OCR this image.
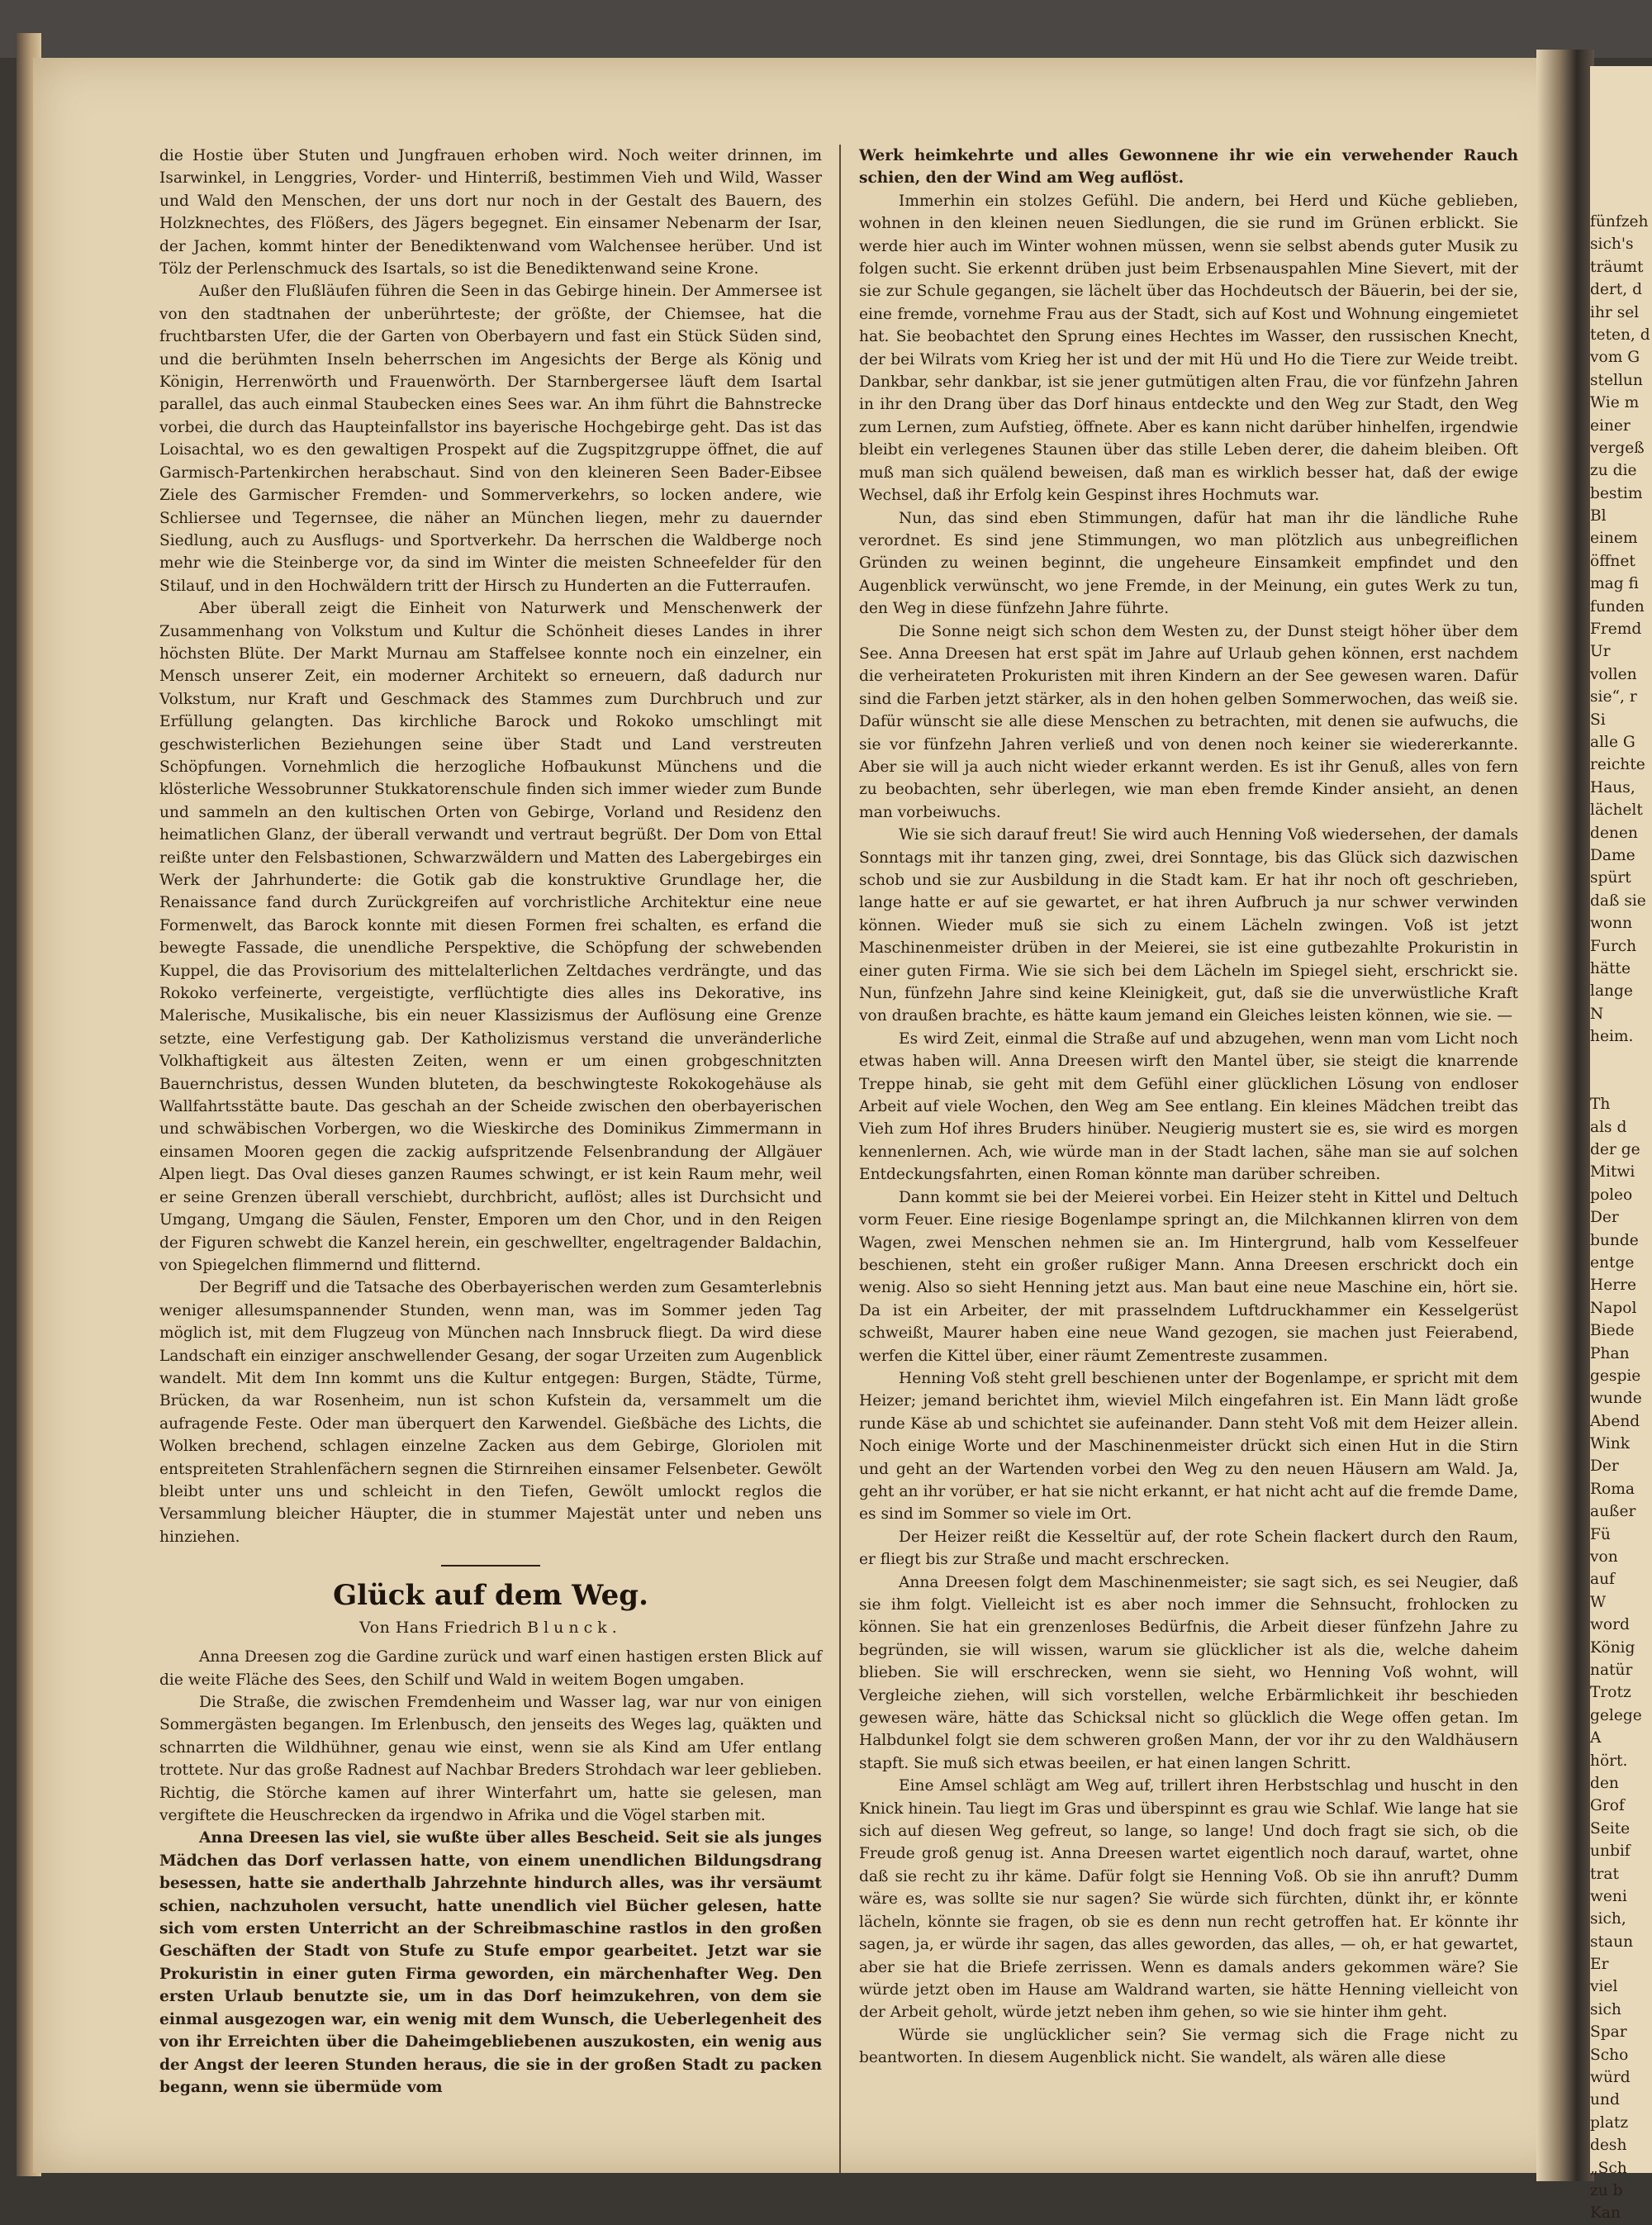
die Hostie über Stuten und Jungfrauen erhoben wird. Noch weiter drinnen, im Isarwinkel, in Lenggries, Vorder- und Hinterriß, bestimmen Vieh und Wild, Wasser und Wald den Menschen, der uns dort nur noch in der Gestalt des Bauern, des Holzknechtes, des Flößers, des Jägers begegnet. Ein einsamer Nebenarm der Isar, der Jachen, kommt hinter der Benediktenwand vom Walchensee herüber. Und ist Tölz der Perlenschmuck des Isartals, so ist die Benediktenwand seine Krone.

Außer den Flußläufen führen die Seen in das Gebirge hinein. Der Ammersee ist von den stadtnahen der unberührteste; der größte, der Chiemsee, hat die fruchtbarsten Ufer, die der Garten von Oberbayern und fast ein Stück Süden sind, und die berühmten Inseln beherrschen im Angesichts der Berge als König und Königin, Herrenwörth und Frauenwörth. Der Starnbergersee läuft dem Isartal parallel, das auch einmal Staubecken eines Sees war. An ihm führt die Bahnstrecke vorbei, die durch das Haupteinfallstor ins bayerische Hochgebirge geht. Das ist das Loisachtal, wo es den gewaltigen Prospekt auf die Zugspitzgruppe öffnet, die auf Garmisch-Partenkirchen herabschaut. Sind von den kleineren Seen Bader-Eibsee Ziele des Garmischer Fremden- und Sommerverkehrs, so locken andere, wie Schliersee und Tegernsee, die näher an München liegen, mehr zu dauernder Siedlung, auch zu Ausflugs- und Sportverkehr. Da herrschen die Waldberge noch mehr wie die Steinberge vor, da sind im Winter die meisten Schneefelder für den Stilauf, und in den Hochwäldern tritt der Hirsch zu Hunderten an die Futterraufen.

Aber überall zeigt die Einheit von Naturwerk und Menschenwerk der Zusammenhang von Volkstum und Kultur die Schönheit dieses Landes in ihrer höchsten Blüte. Der Markt Murnau am Staffelsee konnte noch ein einzelner, ein Mensch unserer Zeit, ein moderner Architekt so erneuern, daß dadurch nur Volkstum, nur Kraft und Geschmack des Stammes zum Durchbruch und zur Erfüllung gelangten. Das kirchliche Barock und Rokoko umschlingt mit geschwisterlichen Beziehungen seine über Stadt und Land verstreuten Schöpfungen. Vornehmlich die herzogliche Hofbaukunst Münchens und die klösterliche Wessobrunner Stukkatorenschule finden sich immer wieder zum Bunde und sammeln an den kultischen Orten von Gebirge, Vorland und Residenz den heimatlichen Glanz, der überall verwandt und vertraut begrüßt. Der Dom von Ettal reißte unter den Felsbastionen, Schwarzwäldern und Matten des Labergebirges ein Werk der Jahrhunderte: die Gotik gab die konstruktive Grundlage her, die Renaissance fand durch Zurückgreifen auf vorchristliche Architektur eine neue Formenwelt, das Barock konnte mit diesen Formen frei schalten, es erfand die bewegte Fassade, die unendliche Perspektive, die Schöpfung der schwebenden Kuppel, die das Provisorium des mittelalterlichen Zeltdaches verdrängte, und das Rokoko verfeinerte, vergeistigte, verflüchtigte dies alles ins Dekorative, ins Malerische, Musikalische, bis ein neuer Klassizismus der Auflösung eine Grenze setzte, eine Verfestigung gab. Der Katholizismus verstand die unveränderliche Volkhaftigkeit aus ältesten Zeiten, wenn er um einen grobgeschnitzten Bauernchristus, dessen Wunden bluteten, da beschwingteste Rokokogehäuse als Wallfahrtsstätte baute. Das geschah an der Scheide zwischen den oberbayerischen und schwäbischen Vorbergen, wo die Wieskirche des Dominikus Zimmermann in einsamen Mooren gegen die zackig aufspritzende Felsenbrandung der Allgäuer Alpen liegt. Das Oval dieses ganzen Raumes schwingt, er ist kein Raum mehr, weil er seine Grenzen überall verschiebt, durchbricht, auflöst; alles ist Durchsicht und Umgang, Umgang die Säulen, Fenster, Emporen um den Chor, und in den Reigen der Figuren schwebt die Kanzel herein, ein geschwellter, engeltragender Baldachin, von Spiegelchen flimmernd und flitternd.

Der Begriff und die Tatsache des Oberbayerischen werden zum Gesamterlebnis weniger allesumspannender Stunden, wenn man, was im Sommer jeden Tag möglich ist, mit dem Flugzeug von München nach Innsbruck fliegt. Da wird diese Landschaft ein einziger anschwellender Gesang, der sogar Urzeiten zum Augenblick wandelt. Mit dem Inn kommt uns die Kultur entgegen: Burgen, Städte, Türme, Brücken, da war Rosenheim, nun ist schon Kufstein da, versammelt um die aufragende Feste. Oder man überquert den Karwendel. Gießbäche des Lichts, die Wolken brechend, schlagen einzelne Zacken aus dem Gebirge, Gloriolen mit entspreiteten Strahlenfächern segnen die Stirnreihen einsamer Felsenbeter. Gewölt bleibt unter uns und schleicht in den Tiefen, Gewölt umlockt reglos die Versammlung bleicher Häupter, die in stummer Majestät unter und neben uns hinziehen.

Glück auf dem Weg.
Von Hans Friedrich Blunck.

Anna Dreesen zog die Gardine zurück und warf einen hastigen ersten Blick auf die weite Fläche des Sees, den Schilf und Wald in weitem Bogen umgaben.

Die Straße, die zwischen Fremdenheim und Wasser lag, war nur von einigen Sommergästen begangen. Im Erlenbusch, den jenseits des Weges lag, quäkten und schnarrten die Wildhühner, genau wie einst, wenn sie als Kind am Ufer entlang trottete. Nur das große Radnest auf Nachbar Breders Strohdach war leer geblieben. Richtig, die Störche kamen auf ihrer Winterfahrt um, hatte sie gelesen, man vergiftete die Heuschrecken da irgendwo in Afrika und die Vögel starben mit.

Anna Dreesen las viel, sie wußte über alles Bescheid. Seit sie als junges Mädchen das Dorf verlassen hatte, von einem unendlichen Bildungsdrang besessen, hatte sie anderthalb Jahrzehnte hindurch alles, was ihr versäumt schien, nachzuholen versucht, hatte unendlich viel Bücher gelesen, hatte sich vom ersten Unterricht an der Schreibmaschine rastlos in den großen Geschäften der Stadt von Stufe zu Stufe empor gearbeitet. Jetzt war sie Prokuristin in einer guten Firma geworden, ein märchenhafter Weg. Den ersten Urlaub benutzte sie, um in das Dorf heimzukehren, von dem sie einmal ausgezogen war, ein wenig mit dem Wunsch, die Ueberlegenheit des von ihr Erreichten über die Daheimgebliebenen auszukosten, ein wenig aus der Angst der leeren Stunden heraus, die sie in der großen Stadt zu packen begann, wenn sie übermüde vom

Werk heimkehrte und alles Gewonnene ihr wie ein verwehender Rauch schien, den der Wind am Weg auflöst.

Immerhin ein stolzes Gefühl. Die andern, bei Herd und Küche geblieben, wohnen in den kleinen neuen Siedlungen, die sie rund im Grünen erblickt. Sie werde hier auch im Winter wohnen müssen, wenn sie selbst abends guter Musik zu folgen sucht. Sie erkennt drüben just beim Erbsenauspahlen Mine Sievert, mit der sie zur Schule gegangen, sie lächelt über das Hochdeutsch der Bäuerin, bei der sie, eine fremde, vornehme Frau aus der Stadt, sich auf Kost und Wohnung eingemietet hat. Sie beobachtet den Sprung eines Hechtes im Wasser, den russischen Knecht, der bei Wilrats vom Krieg her ist und der mit Hü und Ho die Tiere zur Weide treibt. Dankbar, sehr dankbar, ist sie jener gutmütigen alten Frau, die vor fünfzehn Jahren in ihr den Drang über das Dorf hinaus entdeckte und den Weg zur Stadt, den Weg zum Lernen, zum Aufstieg, öffnete. Aber es kann nicht darüber hinhelfen, irgendwie bleibt ein verlegenes Staunen über das stille Leben derer, die daheim bleiben. Oft muß man sich quälend beweisen, daß man es wirklich besser hat, daß der ewige Wechsel, daß ihr Erfolg kein Gespinst ihres Hochmuts war.

Nun, das sind eben Stimmungen, dafür hat man ihr die ländliche Ruhe verordnet. Es sind jene Stimmungen, wo man plötzlich aus unbegreiflichen Gründen zu weinen beginnt, die ungeheure Einsamkeit empfindet und den Augenblick verwünscht, wo jene Fremde, in der Meinung, ein gutes Werk zu tun, den Weg in diese fünfzehn Jahre führte.

Die Sonne neigt sich schon dem Westen zu, der Dunst steigt höher über dem See. Anna Dreesen hat erst spät im Jahre auf Urlaub gehen können, erst nachdem die verheirateten Prokuristen mit ihren Kindern an der See gewesen waren. Dafür sind die Farben jetzt stärker, als in den hohen gelben Sommerwochen, das weiß sie. Dafür wünscht sie alle diese Menschen zu betrachten, mit denen sie aufwuchs, die sie vor fünfzehn Jahren verließ und von denen noch keiner sie wiedererkannte. Aber sie will ja auch nicht wieder erkannt werden. Es ist ihr Genuß, alles von fern zu beobachten, sehr überlegen, wie man eben fremde Kinder ansieht, an denen man vorbeiwuchs.

Wie sie sich darauf freut! Sie wird auch Henning Voß wiedersehen, der damals Sonntags mit ihr tanzen ging, zwei, drei Sonntage, bis das Glück sich dazwischen schob und sie zur Ausbildung in die Stadt kam. Er hat ihr noch oft geschrieben, lange hatte er auf sie gewartet, er hat ihren Aufbruch ja nur schwer verwinden können. Wieder muß sie sich zu einem Lächeln zwingen. Voß ist jetzt Maschinenmeister drüben in der Meierei, sie ist eine gutbezahlte Prokuristin in einer guten Firma. Wie sie sich bei dem Lächeln im Spiegel sieht, erschrickt sie. Nun, fünfzehn Jahre sind keine Kleinigkeit, gut, daß sie die unverwüstliche Kraft von draußen brachte, es hätte kaum jemand ein Gleiches leisten können, wie sie. —

Es wird Zeit, einmal die Straße auf und abzugehen, wenn man vom Licht noch etwas haben will. Anna Dreesen wirft den Mantel über, sie steigt die knarrende Treppe hinab, sie geht mit dem Gefühl einer glücklichen Lösung von endloser Arbeit auf viele Wochen, den Weg am See entlang. Ein kleines Mädchen treibt das Vieh zum Hof ihres Bruders hinüber. Neugierig mustert sie es, sie wird es morgen kennenlernen. Ach, wie würde man in der Stadt lachen, sähe man sie auf solchen Entdeckungsfahrten, einen Roman könnte man darüber schreiben.

Dann kommt sie bei der Meierei vorbei. Ein Heizer steht in Kittel und Deltuch vorm Feuer. Eine riesige Bogenlampe springt an, die Milchkannen klirren von dem Wagen, zwei Menschen nehmen sie an. Im Hintergrund, halb vom Kesselfeuer beschienen, steht ein großer rußiger Mann. Anna Dreesen erschrickt doch ein wenig. Also so sieht Henning jetzt aus. Man baut eine neue Maschine ein, hört sie. Da ist ein Arbeiter, der mit prasselndem Luftdruckhammer ein Kesselgerüst schweißt, Maurer haben eine neue Wand gezogen, sie machen just Feierabend, werfen die Kittel über, einer räumt Zementreste zusammen.

Henning Voß steht grell beschienen unter der Bogenlampe, er spricht mit dem Heizer; jemand berichtet ihm, wieviel Milch eingefahren ist. Ein Mann lädt große runde Käse ab und schichtet sie aufeinander. Dann steht Voß mit dem Heizer allein. Noch einige Worte und der Maschinenmeister drückt sich einen Hut in die Stirn und geht an der Wartenden vorbei den Weg zu den neuen Häusern am Wald. Ja, geht an ihr vorüber, er hat sie nicht erkannt, er hat nicht acht auf die fremde Dame, es sind im Sommer so viele im Ort.

Der Heizer reißt die Kesseltür auf, der rote Schein flackert durch den Raum, er fliegt bis zur Straße und macht erschrecken.

Anna Dreesen folgt dem Maschinenmeister; sie sagt sich, es sei Neugier, daß sie ihm folgt. Vielleicht ist es aber noch immer die Sehnsucht, frohlocken zu können. Sie hat ein grenzenloses Bedürfnis, die Arbeit dieser fünfzehn Jahre zu begründen, sie will wissen, warum sie glücklicher ist als die, welche daheim blieben. Sie will erschrecken, wenn sie sieht, wo Henning Voß wohnt, will Vergleiche ziehen, will sich vorstellen, welche Erbärmlichkeit ihr beschieden gewesen wäre, hätte das Schicksal nicht so glücklich die Wege offen getan. Im Halbdunkel folgt sie dem schweren großen Mann, der vor ihr zu den Waldhäusern stapft. Sie muß sich etwas beeilen, er hat einen langen Schritt.

Eine Amsel schlägt am Weg auf, trillert ihren Herbstschlag und huscht in den Knick hinein. Tau liegt im Gras und überspinnt es grau wie Schlaf. Wie lange hat sie sich auf diesen Weg gefreut, so lange, so lange! Und doch fragt sie sich, ob die Freude groß genug ist. Anna Dreesen wartet eigentlich noch darauf, wartet, ohne daß sie recht zu ihr käme. Dafür folgt sie Henning Voß. Ob sie ihn anruft? Dumm wäre es, was sollte sie nur sagen? Sie würde sich fürchten, dünkt ihr, er könnte lächeln, könnte sie fragen, ob sie es denn nun recht getroffen hat. Er könnte ihr sagen, ja, er würde ihr sagen, das alles geworden, das alles, — oh, er hat gewartet, aber sie hat die Briefe zerrissen. Wenn es damals anders gekommen wäre? Sie würde jetzt oben im Hause am Waldrand warten, sie hätte Henning vielleicht von der Arbeit geholt, würde jetzt neben ihm gehen, so wie sie hinter ihm geht.

Würde sie unglücklicher sein? Sie vermag sich die Frage nicht zu beantworten. In diesem Augenblick nicht. Sie wandelt, als wären alle diese

fünfzeh
sich's
träumt
dert, d
ihr sel
teten, d
vom G
stellun
Wie m
einer
vergeß
zu die
bestim
Bl
einem
öffnet
mag fi
funden
Fremd
Ur
vollen
sie“, r
Si
alle G
reichte
Haus,
lächelt
denen
Dame
spürt
daß sie
wonn
Furch
hätte
lange
N
heim.
Th
als d
der ge
Mitwi
poleo
Der
bunde
entge
Herre
Napol
Biede
Phan
gespie
wunde
Abend
Wink
Der
Roma
außer
Fü
von
auf
W
word
König
natür
Trotz
gelege
A
hört.
den
Grof
Seite
unbif
trat
weni
sich,
staun
Er
viel
sich
Spar
Scho
würd
und
platz
desh
„Sch
zu b
Kan
